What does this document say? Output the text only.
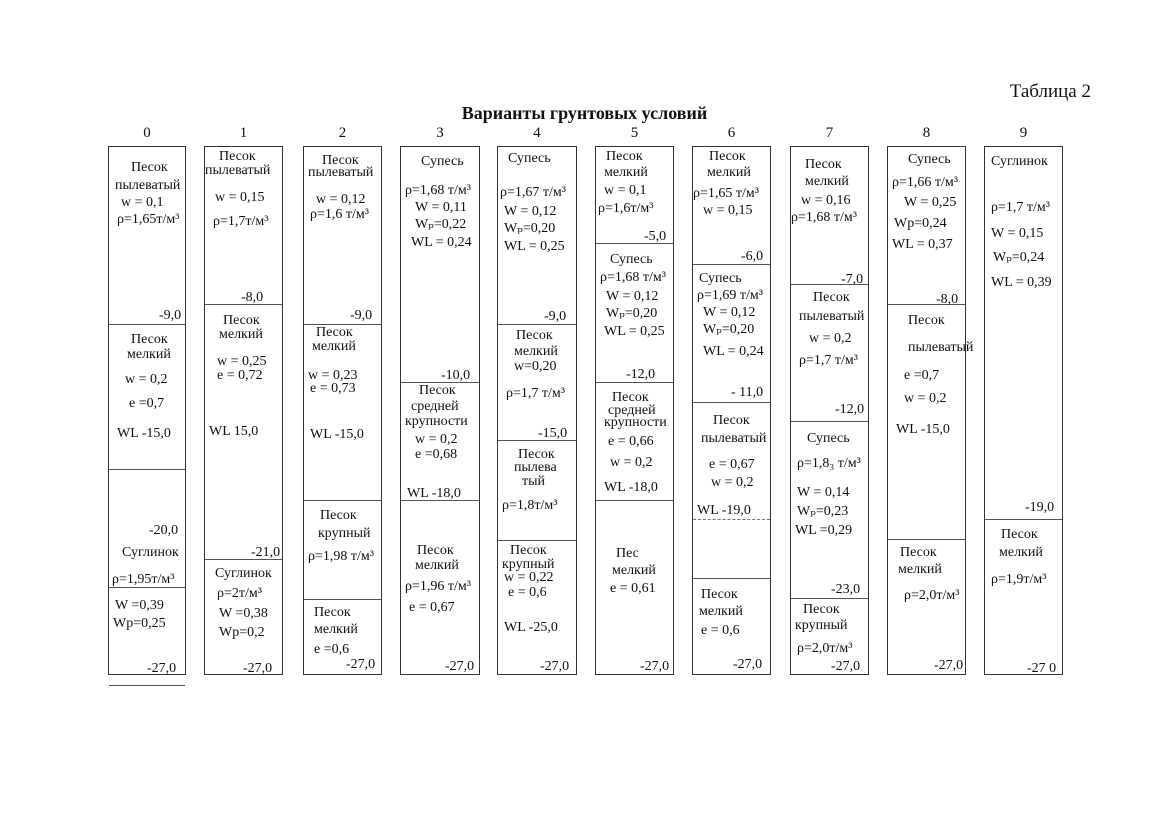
Таблица 2
Варианты грунтовых условий
0
Песок
пылеватый
w = 0,1
ρ=1,65т/м³
-9,0
Песок
мелкий
w = 0,2
е =0,7
WL -15,0
-20,0
Суглинок
ρ=1,95т/м³
W =0,39
Wр=0,25
-27,0
1
Песок
пылеватый
w = 0,15
ρ=1,7т/м³
-8,0
Песок
мелкий
w = 0,25
е = 0,72
WL 15,0
-21,0
Суглинок
ρ=2т/м³
W =0,38
Wр=0,2
-27,0
2
Песок
пылеватый
w = 0,12
ρ=1,6 т/м³
-9,0
Песок
мелкий
w = 0,23
е = 0,73
WL -15,0
Песок
крупный
ρ=1,98 т/м³
Песок
мелкий
е =0,6
-27,0
3
Супесь
ρ=1,68 т/м³
W = 0,11
Wₚ=0,22
WL = 0,24
-10,0
Песок
средней
крупности
w = 0,2
е =0,68
WL -18,0
Песок
мелкий
ρ=1,96 т/м³
е = 0,67
-27,0
4
Супесь
ρ=1,67 т/м³
W = 0,12
Wₚ=0,20
WL = 0,25
-9,0
Песок
мелкий
w=0,20
ρ=1,7 т/м³
-15,0
Песок
пылева
тый
ρ=1,8т/м³
Песок
крупный
w = 0,22
е = 0,6
WL -25,0
-27,0
5
Песок
мелкий
w = 0,1
ρ=1,6т/м³
-5,0
Супесь
ρ=1,68 т/м³
W = 0,12
Wₚ=0,20
WL = 0,25
-12,0
Песок
средней
крупности
е = 0,66
w = 0,2
WL -18,0
Пес
мелкий
е = 0,61
-27,0
6
Песок
мелкий
ρ=1,65 т/м³
w = 0,15
-6,0
Супесь
ρ=1,69 т/м³
W = 0,12
Wₚ=0,20
WL = 0,24
- 11,0
Песок
пылеватый
е = 0,67
w = 0,2
WL -19,0
Песок
мелкий
е = 0,6
-27,0
7
Песок
мелкий
w = 0,16
ρ=1,68 т/м³
-7,0
Песок
пылеватый
w = 0,2
ρ=1,7 т/м³
-12,0
Супесь
ρ=1,8₃ т/м³
W = 0,14
Wₚ=0,23
WL =0,29
-23,0
Песок
крупный
ρ=2,0т/м³
-27,0
8
Супесь
ρ=1,66 т/м³
W = 0,25
Wр=0,24
WL = 0,37
-8,0
Песок
пылеватый
е =0,7
w = 0,2
WL -15,0
Песок
мелкий
ρ=2,0т/м³
-27,0
9
Суглинок
ρ=1,7 т/м³
W = 0,15
Wₚ=0,24
WL = 0,39
-19,0
Песок
мелкий
ρ=1,9т/м³
-27 0
